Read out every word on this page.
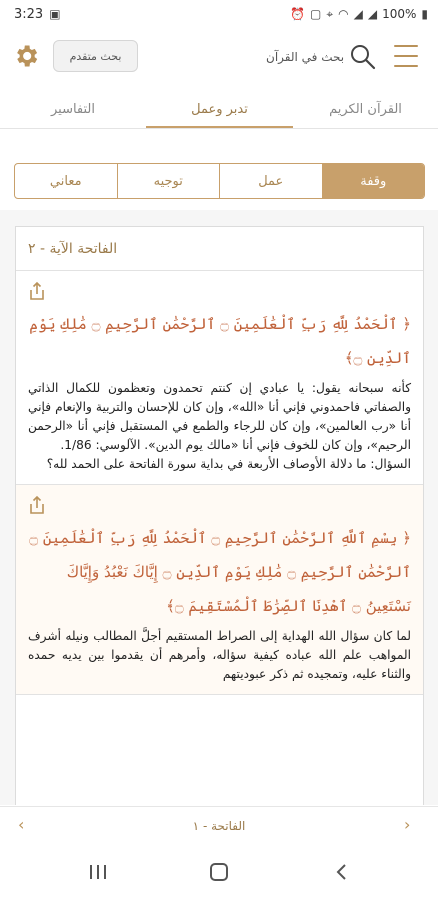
3:23 ▣	⏰ ▢ ⌖ ◠ ◢ ◢ 100% ▮
بحث متقدم	بحث في القرآن
القرآن الكريم
تدبر وعمل
التفاسير
وقفة
عمل
توجيه
معاني
الفاتحة الآية - ٢
﴿ ٱلْحَمْدُ لِلَّهِ رَبِّ ٱلْعَٰلَمِينَ ۝ ٱلرَّحْمَٰنِ ٱلرَّحِيمِ ۝ مَٰلِكِ يَوْمِ ٱلدِّينِ ۝﴾
كأنه سبحانه يقول: يا عبادي إن كنتم تحمدون وتعظمون للكمال الذاتي والصفاتي فاحمدوني فإني أنا «الله»، وإن كان للإحسان والتربية والإنعام فإني أنا «رب العالمين»، وإن كان للرجاء والطمع في المستقبل فإني أنا «الرحمن الرحيم»، وإن كان للخوف فإني أنا «مالك يوم الدين». الآلوسي: 1/86.
السؤال: ما دلالة الأوصاف الأربعة في بداية سورة الفاتحة على الحمد لله؟
﴿ بِسْمِ ٱللَّهِ ٱلرَّحْمَٰنِ ٱلرَّحِيمِ ۝ ٱلْحَمْدُ لِلَّهِ رَبِّ ٱلْعَٰلَمِينَ ۝ ٱلرَّحْمَٰنِ ٱلرَّحِيمِ ۝ مَٰلِكِ يَوْمِ ٱلدِّينِ ۝ إِيَّاكَ نَعْبُدُ وَإِيَّاكَ نَسْتَعِينُ ۝ ٱهْدِنَا ٱلصِّرَٰطَ ٱلْمُسْتَقِيمَ ۝﴾
لما كان سؤال الله الهداية إلى الصراط المستقيم أجلَّ المطالب ونيله أشرف المواهب علم الله عباده كيفية سؤاله، وأمرهم أن يقدموا بين يديه حمده والثناء عليه، وتمجيده ثم ذكر عبوديتهم
‹	الفاتحة - ١	›
